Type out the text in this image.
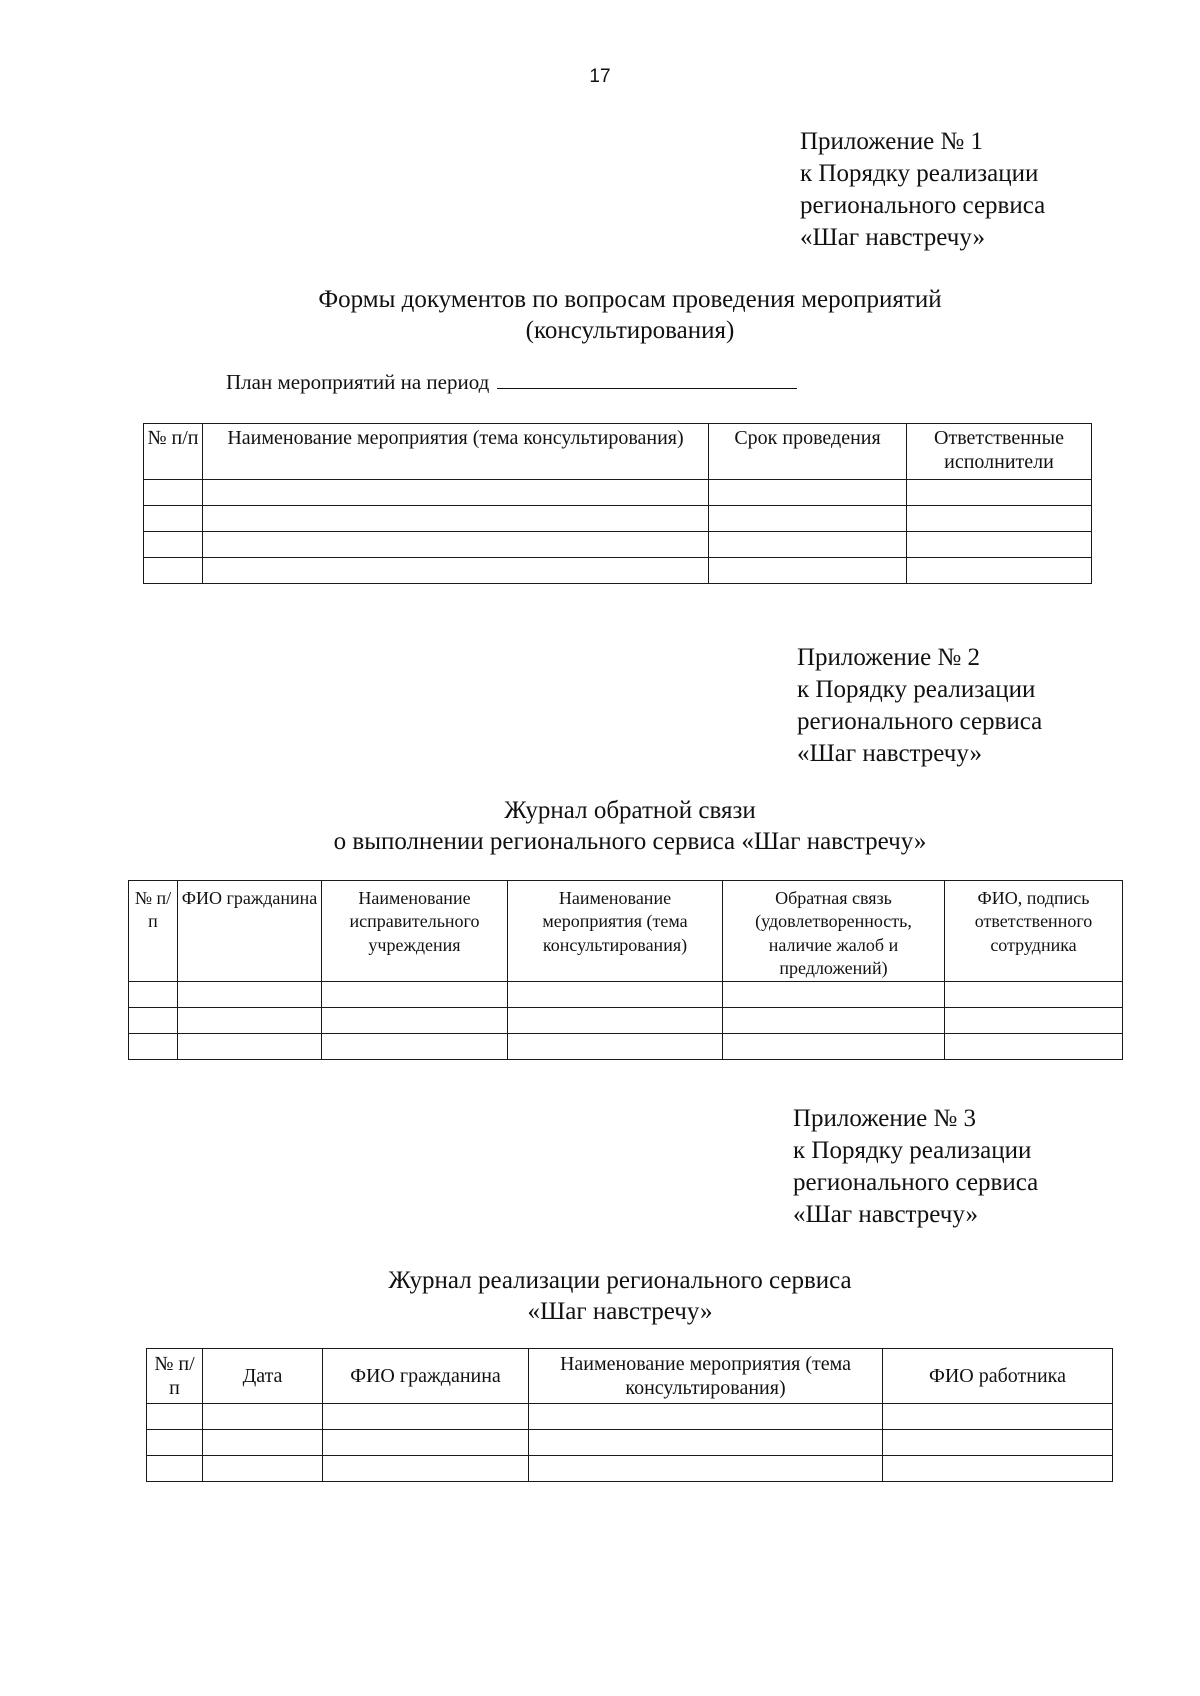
17
Приложение № 1
к Порядку реализации
регионального сервиса
«Шаг навстречу»
Формы документов по вопросам проведения мероприятий
(консультирования)
План мероприятий на период
№ п/п	Наименование мероприятия (тема консультирования)	Срок проведения	Ответственные исполнители

Приложение № 2
к Порядку реализации
регионального сервиса
«Шаг навстречу»
Журнал обратной связи
о выполнении регионального сервиса «Шаг навстречу»
№ п/ п	ФИО гражданина	Наименование исправительного учреждения	Наименование мероприятия (тема консультирования)	Обратная связь (удовлетворенность, наличие жалоб и предложений)	ФИО, подпись ответственного сотрудника

Приложение № 3
к Порядку реализации
регионального сервиса
«Шаг навстречу»
Журнал реализации регионального сервиса
«Шаг навстречу»
№ п/п	Дата	ФИО гражданина	Наименование мероприятия (тема консультирования)	ФИО работника
